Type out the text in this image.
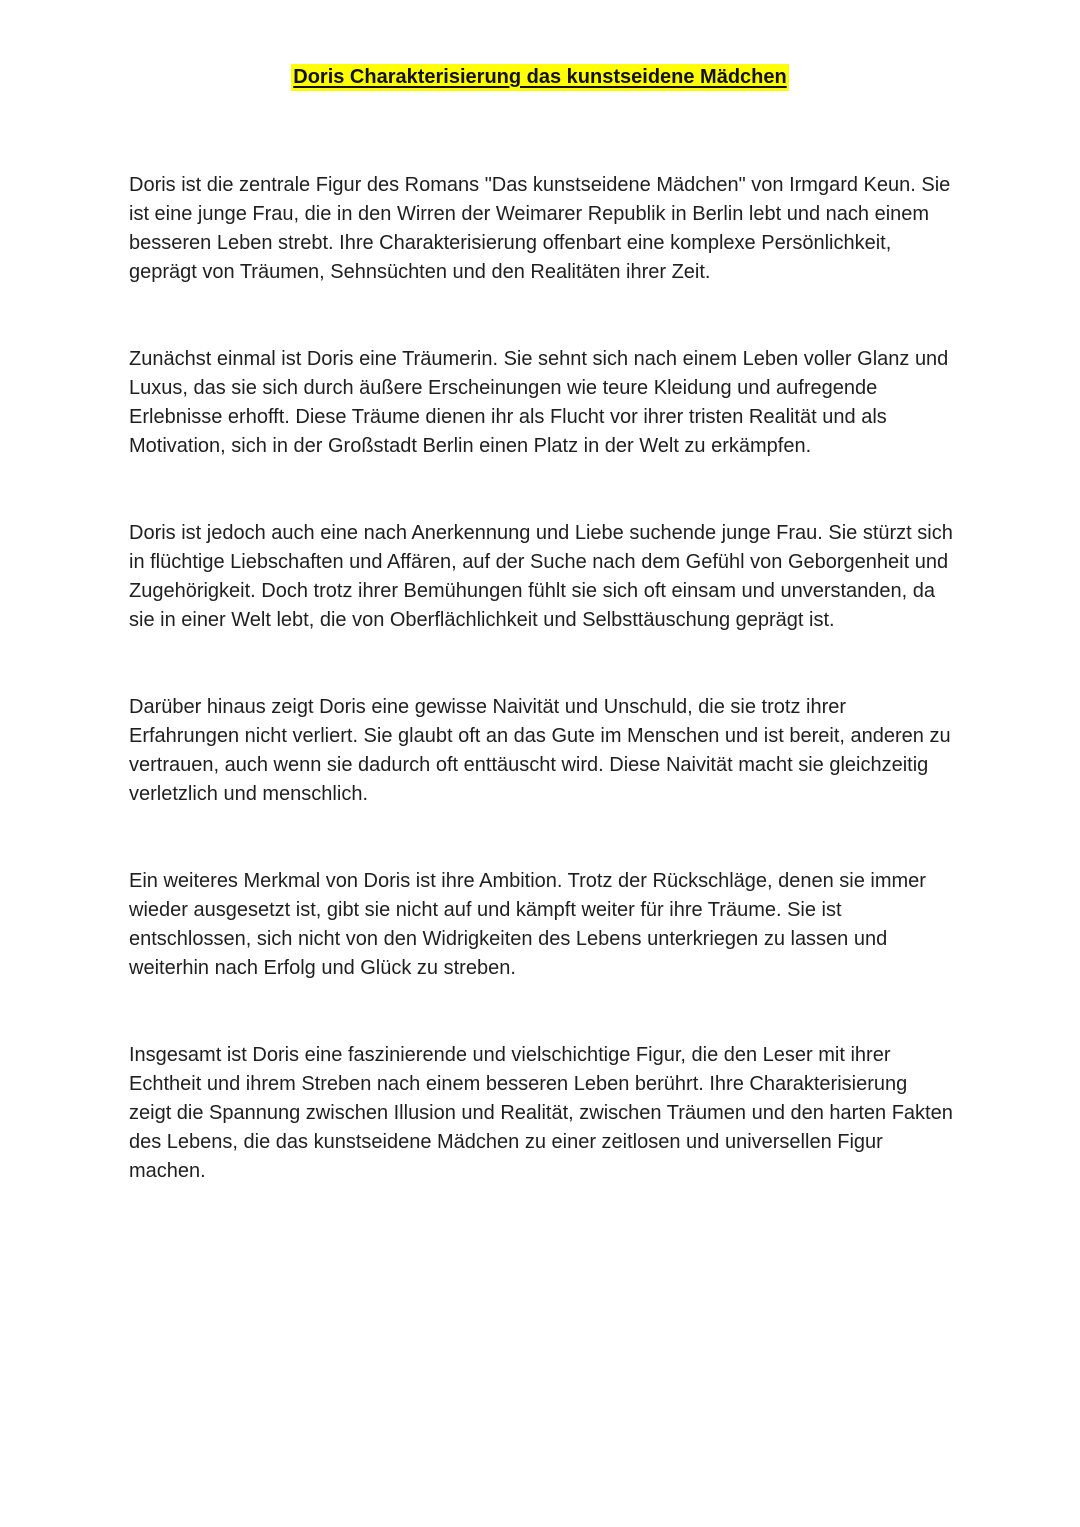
Doris Charakterisierung das kunstseidene Mädchen

Doris ist die zentrale Figur des Romans "Das kunstseidene Mädchen" von Irmgard Keun. Sie ist eine junge Frau, die in den Wirren der Weimarer Republik in Berlin lebt und nach einem besseren Leben strebt. Ihre Charakterisierung offenbart eine komplexe Persönlichkeit, geprägt von Träumen, Sehnsüchten und den Realitäten ihrer Zeit.

Zunächst einmal ist Doris eine Träumerin. Sie sehnt sich nach einem Leben voller Glanz und Luxus, das sie sich durch äußere Erscheinungen wie teure Kleidung und aufregende Erlebnisse erhofft. Diese Träume dienen ihr als Flucht vor ihrer tristen Realität und als Motivation, sich in der Großstadt Berlin einen Platz in der Welt zu erkämpfen.

Doris ist jedoch auch eine nach Anerkennung und Liebe suchende junge Frau. Sie stürzt sich in flüchtige Liebschaften und Affären, auf der Suche nach dem Gefühl von Geborgenheit und Zugehörigkeit. Doch trotz ihrer Bemühungen fühlt sie sich oft einsam und unverstanden, da sie in einer Welt lebt, die von Oberflächlichkeit und Selbsttäuschung geprägt ist.

Darüber hinaus zeigt Doris eine gewisse Naivität und Unschuld, die sie trotz ihrer Erfahrungen nicht verliert. Sie glaubt oft an das Gute im Menschen und ist bereit, anderen zu vertrauen, auch wenn sie dadurch oft enttäuscht wird. Diese Naivität macht sie gleichzeitig verletzlich und menschlich.

Ein weiteres Merkmal von Doris ist ihre Ambition. Trotz der Rückschläge, denen sie immer wieder ausgesetzt ist, gibt sie nicht auf und kämpft weiter für ihre Träume. Sie ist entschlossen, sich nicht von den Widrigkeiten des Lebens unterkriegen zu lassen und weiterhin nach Erfolg und Glück zu streben.

Insgesamt ist Doris eine faszinierende und vielschichtige Figur, die den Leser mit ihrer Echtheit und ihrem Streben nach einem besseren Leben berührt. Ihre Charakterisierung zeigt die Spannung zwischen Illusion und Realität, zwischen Träumen und den harten Fakten des Lebens, die das kunstseidene Mädchen zu einer zeitlosen und universellen Figur machen.
